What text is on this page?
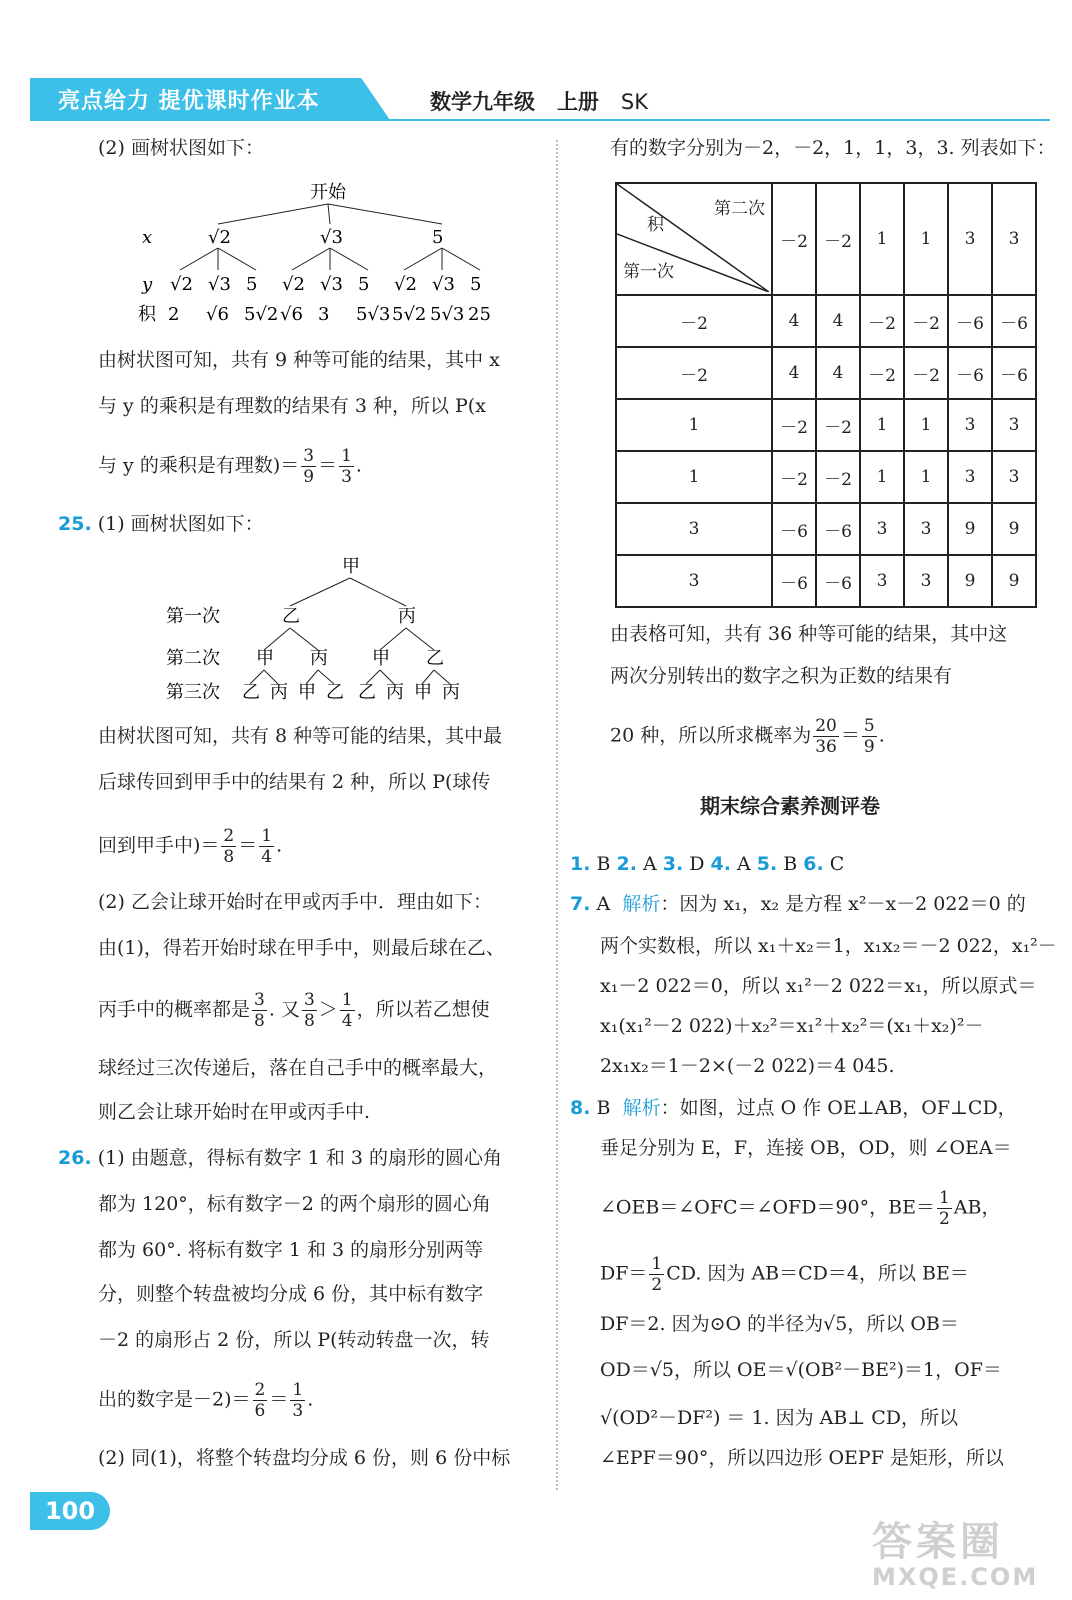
亮点给力 提优课时作业本	数学九年级 上册 SK
(2) 画树状图如下：
开始
x
y
积
√2	√3	5
√2 √3 5 √2 √3 5 √2 √3 5
2 √6 5√2 √6 3 5√3 5√2 5√3 25
由树状图可知，共有 9 种等可能的结果，其中 x
与 y 的乘积是有理数的结果有 3 种，所以 P(x
与 y 的乘积是有理数)＝ $\frac{3}{9} = \frac{1}{3}$ .
25. (1) 画树状图如下：
甲
第一次
第二次
第三次
乙	丙
甲 丙 甲 乙
乙 丙 甲 乙 乙 丙 甲 丙
由树状图可知，共有 8 种等可能的结果，其中最
后球传回到甲手中的结果有 2 种，所以 P(球传
回到甲手中)＝ $\frac{2}{8} = \frac{1}{4}$ .
(2) 乙会让球开始时在甲或丙手中．理由如下：
由(1)，得若开始时球在甲手中，则最后球在乙、
丙手中的概率都是 $\frac{3}{8}$ . 又 $\frac{3}{8} > \frac{1}{4}$ ，所以若乙想使
球经过三次传递后，落在自己手中的概率最大，
则乙会让球开始时在甲或丙手中.
26. (1) 由题意，得标有数字 1 和 3 的扇形的圆心角
都为 120°，标有数字－2 的两个扇形的圆心角
都为 60°. 将标有数字 1 和 3 的扇形分别两等
分，则整个转盘被均分成 6 份，其中标有数字
－2 的扇形占 2 份，所以 P(转动转盘一次，转
出的数字是$-2)= \frac{2}{6} = \frac{1}{3}$ .
(2) 同(1)，将整个转盘均分成 6 份，则 6 份中标
有的数字分别为－2，－2，1，1，3，3. 列表如下：
第二次
积
第一次	－2	－2	1	1	3	3
－2	4	4	－2	－2	－6	－6
－2	4	4	－2	－2	－6	－6
1	－2	－2	1	1	3	3
1	－2	－2	1	1	3	3
3	－6	－6	3	3	9	9
3	－6	－6	3	3	9	9
由表格可知，共有 36 种等可能的结果，其中这
两次分别转出的数字之积为正数的结果有
20 种，所以所求概率为 $\frac{20}{36} = \frac{5}{9}$ .
期末综合素养测评卷
1. B 2. A 3. D 4. A 5. B 6. C
7. A 解析：因为 x₁，x₂ 是方程 x²－x－2 022＝0 的
两个实数根，所以 x₁＋x₂＝1，x₁x₂＝－2 022，x₁²－
x₁－2 022＝0，所以 x₁²－2 022＝x₁，所以原式＝
x₁(x₁²－2 022)＋x₂²＝x₁²＋x₂²＝(x₁＋x₂)²－
2x₁x₂＝1－2×(－2 022)＝4 045.
8. B 解析：如图，过点 O 作 OE⊥AB，OF⊥CD，
垂足分别为 E，F，连接 OB，OD，则 ∠OEA＝
∠OEB＝∠OFC＝∠OFD＝90°，$BE= \frac{1}{2}$ AB，
$DF= \frac{1}{2}$ CD. 因为 AB＝CD＝4，所以 BE＝
DF＝2. 因为⊙O 的半径为√5，所以 OB＝
OD＝√5，所以 OE＝√(OB²－BE²)＝1，OF＝
√(OD²－DF²) ＝ 1. 因为 AB⊥ CD，所以
∠EPF＝90°，所以四边形 OEPF 是矩形，所以
100
答案圈
MXQE.COM
